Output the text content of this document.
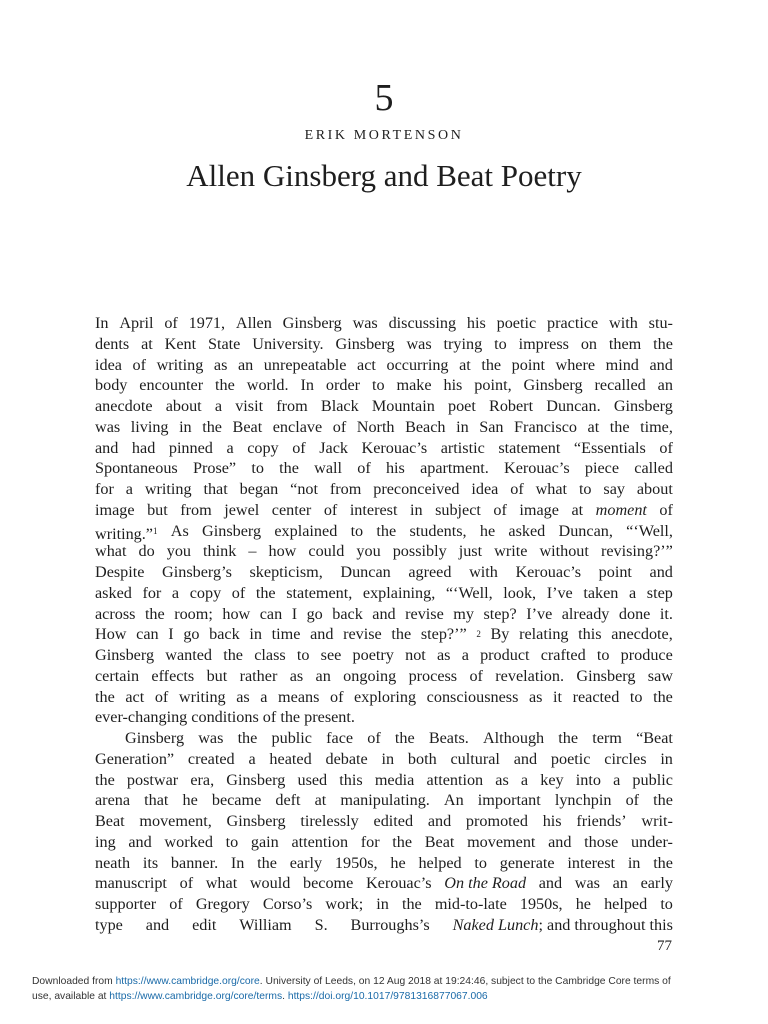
5
ERIK MORTENSON
Allen Ginsberg and Beat Poetry
In April of 1971, Allen Ginsberg was discussing his poetic practice with stu-
dents at Kent State University. Ginsberg was trying to impress on them the
idea of writing as an unrepeatable act occurring at the point where mind and
body encounter the world. In order to make his point, Ginsberg recalled an
anecdote about a visit from Black Mountain poet Robert Duncan. Ginsberg
was living in the Beat enclave of North Beach in San Francisco at the time,
and had pinned a copy of Jack Kerouac’s artistic statement “Essentials of
Spontaneous Prose” to the wall of his apartment. Kerouac’s piece called
for a writing that began “not from preconceived idea of what to say about
image but from jewel center of interest in subject of image at moment of
writing.”$^1$ As Ginsberg explained to the students, he asked Duncan, “‘Well,
what do you think – how could you possibly just write without revising?’”
Despite Ginsberg’s skepticism, Duncan agreed with Kerouac’s point and
asked for a copy of the statement, explaining, “‘Well, look, I’ve taken a step
across the room; how can I go back and revise my step? I’ve already done it.
How can I go back in time and revise the step?’” 2 By relating this anecdote,
Ginsberg wanted the class to see poetry not as a product crafted to produce
certain effects but rather as an ongoing process of revelation. Ginsberg saw
the act of writing as a means of exploring consciousness as it reacted to the
ever-changing conditions of the present.
Ginsberg was the public face of the Beats. Although the term “Beat
Generation” created a heated debate in both cultural and poetic circles in
the postwar era, Ginsberg used this media attention as a key into a public
arena that he became deft at manipulating. An important lynchpin of the
Beat movement, Ginsberg tirelessly edited and promoted his friends’ writ-
ing and worked to gain attention for the Beat movement and those under-
neath its banner. In the early 1950s, he helped to generate interest in the
manuscript of what would become Kerouac’s On the Road and was an early
supporter of Gregory Corso’s work; in the mid-to-late 1950s, he helped to
type and edit William S. Burroughs’s Naked Lunch; and throughout this
77
Downloaded from https://www.cambridge.org/core. University of Leeds, on 12 Aug 2018 at 19:24:46, subject to the Cambridge Core terms of
use, available at https://www.cambridge.org/core/terms. https://doi.org/10.1017/9781316877067.006
